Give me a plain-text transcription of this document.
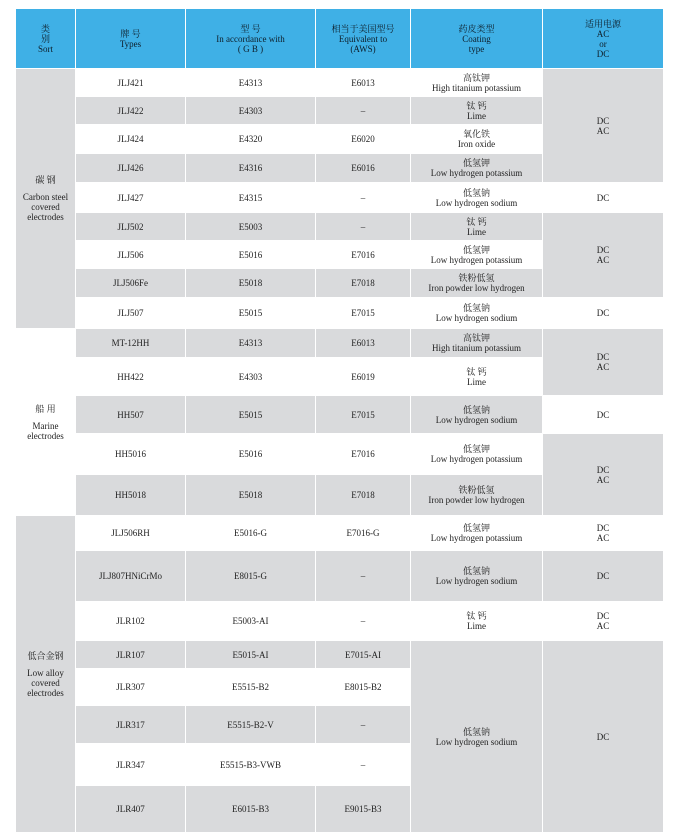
类
别
Sort	牌 号
Types	型 号
In accordance with
( G B )	相当于美国型号
Equivalent to
(AWS)	药皮类型
Coating
type	适用电源
AC
or
DC

碳 钢
Carbon steel
covered
electrodes	JLJ421	E4313	E6013	高钛钾
High titanium potassium	DC
AC

	JLJ422	E4303	–	钛 钙
Lime	

	JLJ424	E4320	E6020	氧化铁
Iron oxide	

	JLJ426	E4316	E6016	低氢钾
Low hydrogen potassium	

	JLJ427	E4315	–	低氢钠
Low hydrogen sodium	DC

	JLJ502	E5003	–	钛 钙
Lime	DC
AC

	JLJ506	E5016	E7016	低氢钾
Low hydrogen potassium	

	JLJ506Fe	E5018	E7018	铁粉低氢
Iron powder low hydrogen	

	JLJ507	E5015	E7015	低氢钠
Low hydrogen sodium	DC

船 用
Marine
electrodes	MT-12HH	E4313	E6013	高钛钾
High titanium potassium	DC
AC

	HH422	E4303	E6019	钛 钙
Lime	

	HH507	E5015	E7015	低氢钠
Low hydrogen sodium	DC

	HH5016	E5016	E7016	低氢钾
Low hydrogen potassium	DC
AC

	HH5018	E5018	E7018	铁粉低氢
Iron powder low hydrogen	

低合金钢
Low alloy
covered
electrodes	JLJ506RH	E5016-G	E7016-G	低氢钾
Low hydrogen potassium	DC
AC

	JLJ807HNiCrMo	E8015-G	–	低氢钠
Low hydrogen sodium	DC

	JLR102	E5003-AI	–	钛 钙
Lime	DC
AC

	JLR107	E5015-AI	E7015-AI	低氢钠
Low hydrogen sodium	DC

	JLR307	E5515-B2	E8015-B2		
	JLR317	E5515-B2-V	–		
	JLR347	E5515-B3-VWB	–		
	JLR407	E6015-B3	E9015-B3		
